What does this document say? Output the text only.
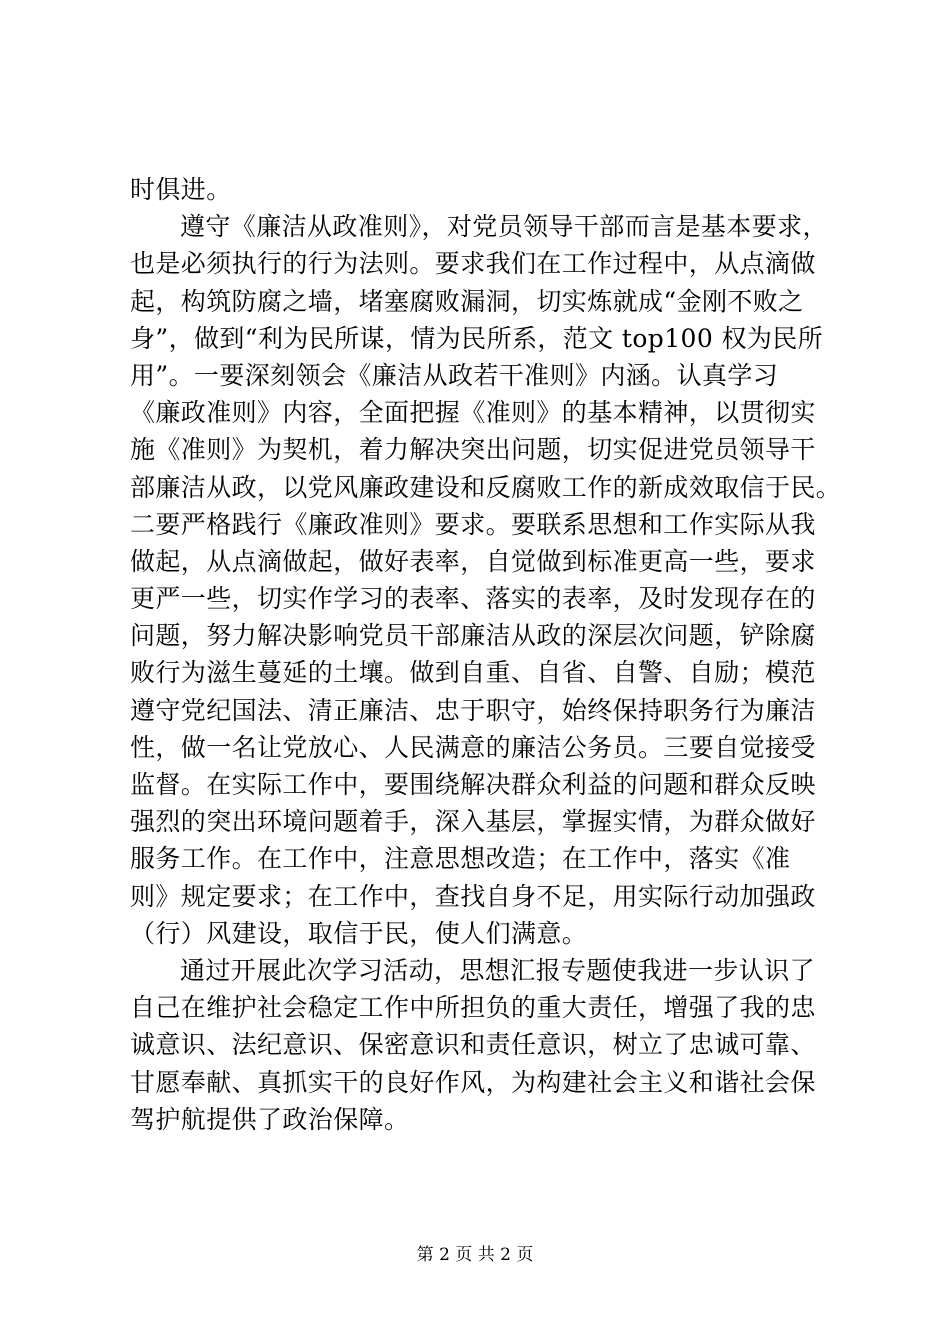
时俱进。
遵守《廉洁从政准则》，对党员领导干部而言是基本要求，
也是必须执行的行为法则。要求我们在工作过程中，从点滴做
起，构筑防腐之墙，堵塞腐败漏洞，切实炼就成“金刚不败之
身”，做到“利为民所谋，情为民所系，范文 top100 权为民所
用”。一要深刻领会《廉洁从政若干准则》内涵。认真学习
《廉政准则》内容，全面把握《准则》的基本精神，以贯彻实
施《准则》为契机，着力解决突出问题，切实促进党员领导干
部廉洁从政，以党风廉政建设和反腐败工作的新成效取信于民。
二要严格践行《廉政准则》要求。要联系思想和工作实际从我
做起，从点滴做起，做好表率，自觉做到标准更高一些，要求
更严一些，切实作学习的表率、落实的表率，及时发现存在的
问题，努力解决影响党员干部廉洁从政的深层次问题，铲除腐
败行为滋生蔓延的土壤。做到自重、自省、自警、自励；模范
遵守党纪国法、清正廉洁、忠于职守，始终保持职务行为廉洁
性，做一名让党放心、人民满意的廉洁公务员。三要自觉接受
监督。在实际工作中，要围绕解决群众利益的问题和群众反映
强烈的突出环境问题着手，深入基层，掌握实情，为群众做好
服务工作。在工作中，注意思想改造；在工作中，落实《准
则》规定要求；在工作中，查找自身不足，用实际行动加强政
（行）风建设，取信于民，使人们满意。
通过开展此次学习活动，思想汇报专题使我进一步认识了
自己在维护社会稳定工作中所担负的重大责任，增强了我的忠
诚意识、法纪意识、保密意识和责任意识，树立了忠诚可靠、
甘愿奉献、真抓实干的良好作风，为构建社会主义和谐社会保
驾护航提供了政治保障。
第 2 页 共 2 页
